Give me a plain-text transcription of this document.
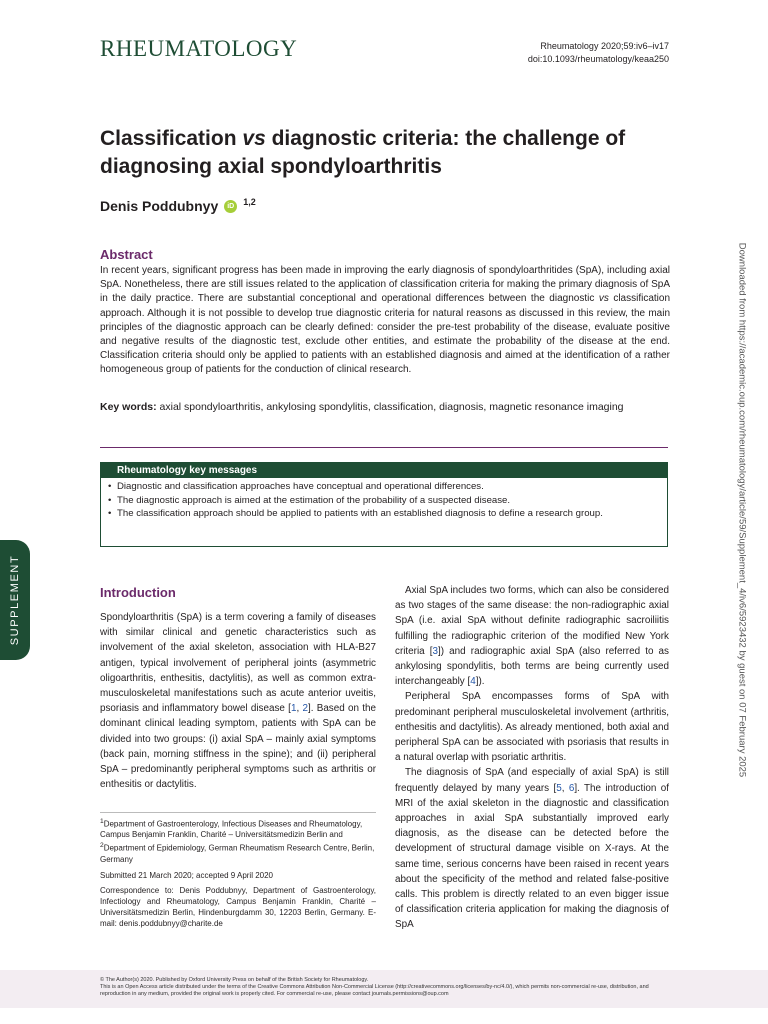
RHEUMATOLOGY	Rheumatology 2020;59:iv6–iv17
doi:10.1093/rheumatology/keaa250
Classification vs diagnostic criteria: the challenge of diagnosing axial spondyloarthritis
Denis Poddubnyy	iD	1,2
Abstract

In recent years, significant progress has been made in improving the early diagnosis of spondyloarthritides (SpA), including axial SpA. Nonetheless, there are still issues related to the application of classification criteria for making the primary diagnosis of SpA in the daily practice. There are substantial conceptional and operational differences between the diagnostic vs classification approach. Although it is not possible to develop true diagnostic criteria for natural reasons as discussed in this review, the main principles of the diagnostic approach can be clearly defined: consider the pre-test probability of the disease, evaluate positive and negative results of the diagnostic test, exclude other entities, and estimate the probability of the disease at the end. Classification criteria should only be applied to patients with an established diagnosis and aimed at the identification of a rather homogeneous group of patients for the conduction of clinical research.

Key words: axial spondyloarthritis, ankylosing spondylitis, classification, diagnosis, magnetic resonance imaging

Rheumatology key messages
• Diagnostic and classification approaches have conceptual and operational differences.
• The diagnostic approach is aimed at the estimation of the probability of a suspected disease.
• The classification approach should be applied to patients with an established diagnosis to define a research group.
SUPPLEMENT	Downloaded from https://academic.oup.com/rheumatology/article/59/Supplement_4/iv6/5923432 by guest on 07 February 2025
Introduction

Spondyloarthritis (SpA) is a term covering a family of diseases with similar clinical and genetic characteristics such as involvement of the axial skeleton, association with HLA-B27 antigen, typical involvement of peripheral joints (asymmetric oligoarthritis, enthesitis, dactylitis), as well as common extra-musculoskeletal manifestations such as acute anterior uveitis, psoriasis and inflammatory bowel disease [1, 2]. Based on the dominant clinical leading symptom, patients with SpA can be divided into two groups: (i) axial SpA – mainly axial symptoms (back pain, morning stiffness in the spine); and (ii) peripheral SpA – predominantly peripheral symptoms such as arthritis or enthesitis or dactylitis.

Axial SpA includes two forms, which can also be considered as two stages of the same disease: the non-radiographic axial SpA (i.e. axial SpA without definite radiographic sacroiliitis fulfilling the radiographic criterion of the modified New York criteria [3]) and radiographic axial SpA (also referred to as ankylosing spondylitis, both terms are being currently used interchangeably [4]).

Peripheral SpA encompasses forms of SpA with predominant peripheral musculoskeletal involvement (arthritis, enthesitis and dactylitis). As already mentioned, both axial and peripheral SpA can be associated with psoriasis that results in a natural overlap with psoriatic arthritis.

The diagnosis of SpA (and especially of axial SpA) is still frequently delayed by many years [5, 6]. The introduction of MRI of the axial skeleton in the diagnostic and classification approaches in axial SpA substantially improved early diagnosis, as the disease can be detected before the development of structural damage visible on X-rays. At the same time, serious concerns have been raised in recent years about the specificity of the method and related false-positive calls. This problem is directly related to an even bigger issue of classification criteria application for making the diagnosis of SpA

$^1$Department of Gastroenterology, Infectious Diseases and Rheumatology, Campus Benjamin Franklin, Charité – Universitätsmedizin Berlin and $^2$Department of Epidemiology, German Rheumatism Research Centre, Berlin, Germany

Submitted 21 March 2020; accepted 9 April 2020

Correspondence to: Denis Poddubnyy, Department of Gastroenterology, Infectiology and Rheumatology, Campus Benjamin Franklin, Charité – Universitätsmedizin Berlin, Hindenburgdamm 30, 12203 Berlin, Germany. E-mail: denis.poddubnyy@charite.de

© The Author(s) 2020. Published by Oxford University Press on behalf of the British Society for Rheumatology.
This is an Open Access article distributed under the terms of the Creative Commons Attribution Non-Commercial License (http://creativecommons.org/licenses/by-nc/4.0/), which permits non-commercial re-use, distribution, and reproduction in any medium, provided the original work is properly cited. For commercial re-use, please contact journals.permissions@oup.com
